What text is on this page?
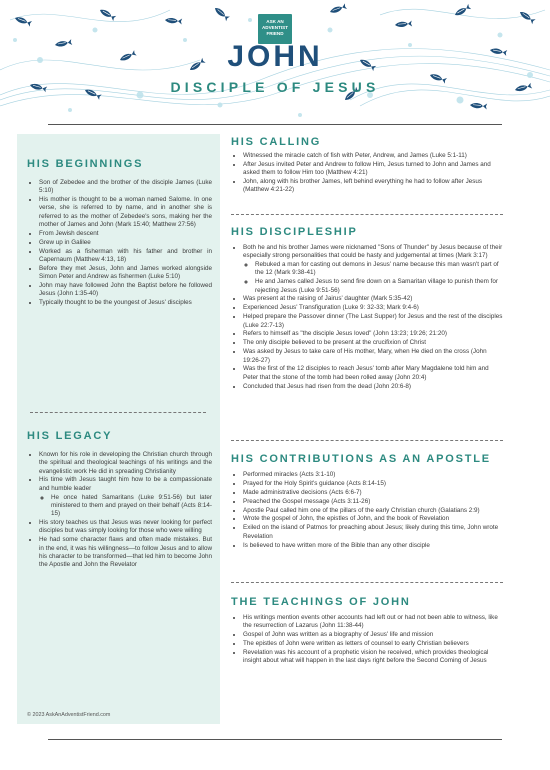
ASK AN
ADVENTIST
FRIEND
JOHN
DISCIPLE OF JESUS
HIS BEGINNINGS
• Son of Zebedee and the brother of the disciple James (Luke 5:10)
• His mother is thought to be a woman named Salome. In one verse, she is referred to by name, and in another she is referred to as the mother of Zebedee's sons, making her the mother of James and John (Mark 15:40; Matthew 27:56)
• From Jewish descent
• Grew up in Galilee
• Worked as a fisherman with his father and brother in Capernaum (Matthew 4:13, 18)
• Before they met Jesus, John and James worked alongside Simon Peter and Andrew as fishermen (Luke 5:10)
• John may have followed John the Baptist before he followed Jesus (John 1:35-40)
• Typically thought to be the youngest of Jesus' disciples
HIS LEGACY
• Known for his role in developing the Christian church through the spiritual and theological teachings of his writings and the evangelistic work He did in spreading Christianity
• His time with Jesus taught him how to be a compassionate and humble leader
◦ He once hated Samaritans (Luke 9:51-56) but later ministered to them and prayed on their behalf (Acts 8:14-15)
• His story teaches us that Jesus was never looking for perfect disciples but was simply looking for those who were willing
• He had some character flaws and often made mistakes. But in the end, it was his willingness—to follow Jesus and to allow his character to be transformed—that led him to become John the Apostle and John the Revelator
HIS CALLING
• Witnessed the miracle catch of fish with Peter, Andrew, and James (Luke 5:1-11)
• After Jesus invited Peter and Andrew to follow Him, Jesus turned to John and James and asked them to follow Him too (Matthew 4:21)
• John, along with his brother James, left behind everything he had to follow after Jesus (Matthew 4:21-22)
HIS DISCIPLESHIP
• Both he and his brother James were nicknamed "Sons of Thunder" by Jesus because of their especially strong personalities that could be hasty and judgemental at times (Mark 3:17)
◦ Rebuked a man for casting out demons in Jesus' name because this man wasn't part of the 12 (Mark 9:38-41)
◦ He and James called Jesus to send fire down on a Samaritan village to punish them for rejecting Jesus (Luke 9:51-56)
• Was present at the raising of Jairus' daughter (Mark 5:35-42)
• Experienced Jesus' Transfiguration (Luke 9: 32-33; Mark 9:4-6)
• Helped prepare the Passover dinner (The Last Supper) for Jesus and the rest of the disciples (Luke 22:7-13)
• Refers to himself as "the disciple Jesus loved" (John 13:23; 19:26; 21:20)
• The only disciple believed to be present at the crucifixion of Christ
• Was asked by Jesus to take care of His mother, Mary, when He died on the cross (John 19:26-27)
• Was the first of the 12 disciples to reach Jesus' tomb after Mary Magdalene told him and Peter that the stone of the tomb had been rolled away (John 20:4)
• Concluded that Jesus had risen from the dead (John 20:6-8)
HIS CONTRIBUTIONS AS AN APOSTLE
• Performed miracles (Acts 3:1-10)
• Prayed for the Holy Spirit's guidance (Acts 8:14-15)
• Made administrative decisions (Acts 6:6-7)
• Preached the Gospel message (Acts 3:11-26)
• Apostle Paul called him one of the pillars of the early Christian church (Galatians 2:9)
• Wrote the gospel of John, the epistles of John, and the book of Revelation
• Exiled on the island of Patmos for preaching about Jesus; likely during this time, John wrote Revelation
• Is believed to have written more of the Bible than any other disciple
THE TEACHINGS OF JOHN
• His writings mention events other accounts had left out or had not been able to witness, like the resurrection of Lazarus (John 11:38-44)
• Gospel of John was written as a biography of Jesus' life and mission
• The epistles of John were written as letters of counsel to early Christian believers
• Revelation was his account of a prophetic vision he received, which provides theological insight about what will happen in the last days right before the Second Coming of Jesus
© 2023 AskAnAdventistFriend.com
